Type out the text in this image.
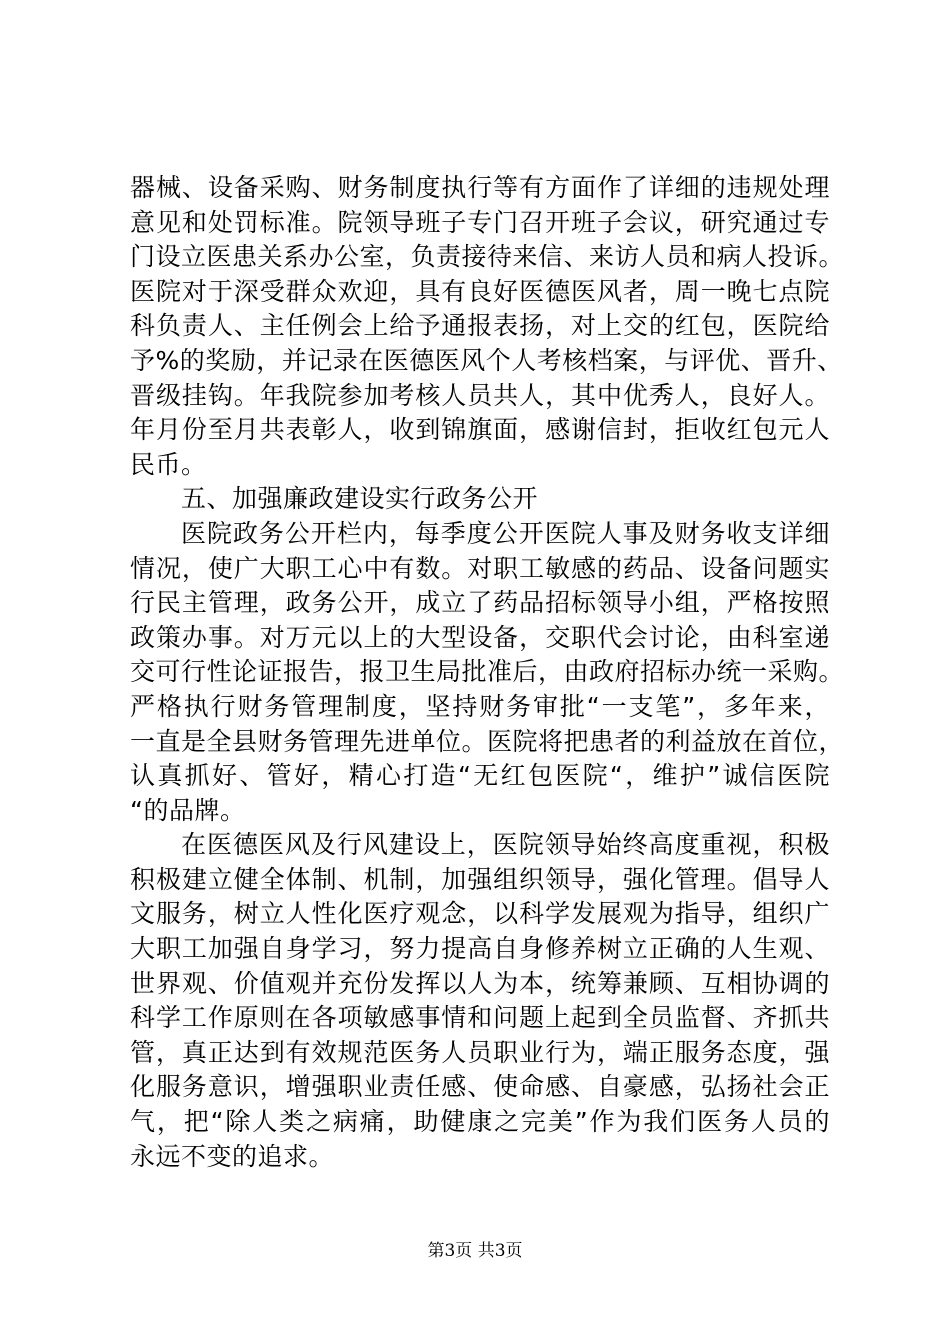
器械、设备采购、财务制度执行等有方面作了详细的违规处理
意见和处罚标准。院领导班子专门召开班子会议，研究通过专
门设立医患关系办公室，负责接待来信、来访人员和病人投诉。
医院对于深受群众欢迎，具有良好医德医风者，周一晚七点院
科负责人、主任例会上给予通报表扬，对上交的红包，医院给
予%的奖励，并记录在医德医风个人考核档案，与评优、晋升、
晋级挂钩。年我院参加考核人员共人，其中优秀人，良好人。
年月份至月共表彰人，收到锦旗面，感谢信封，拒收红包元人
民币。
五、加强廉政建设实行政务公开
医院政务公开栏内，每季度公开医院人事及财务收支详细
情况，使广大职工心中有数。对职工敏感的药品、设备问题实
行民主管理，政务公开，成立了药品招标领导小组，严格按照
政策办事。对万元以上的大型设备，交职代会讨论，由科室递
交可行性论证报告，报卫生局批准后，由政府招标办统一采购。
严格执行财务管理制度，坚持财务审批“一支笔”，多年来，
一直是全县财务管理先进单位。医院将把患者的利益放在首位，
认真抓好、管好，精心打造“无红包医院“，维护”诚信医院
“的品牌。
在医德医风及行风建设上，医院领导始终高度重视，积极
积极建立健全体制、机制，加强组织领导，强化管理。倡导人
文服务，树立人性化医疗观念，以科学发展观为指导，组织广
大职工加强自身学习，努力提高自身修养树立正确的人生观、
世界观、价值观并充份发挥以人为本，统筹兼顾、互相协调的
科学工作原则在各项敏感事情和问题上起到全员监督、齐抓共
管，真正达到有效规范医务人员职业行为，端正服务态度，强
化服务意识，增强职业责任感、使命感、自豪感，弘扬社会正
气，把“除人类之病痛，助健康之完美”作为我们医务人员的
永远不变的追求。
第3页 共3页
